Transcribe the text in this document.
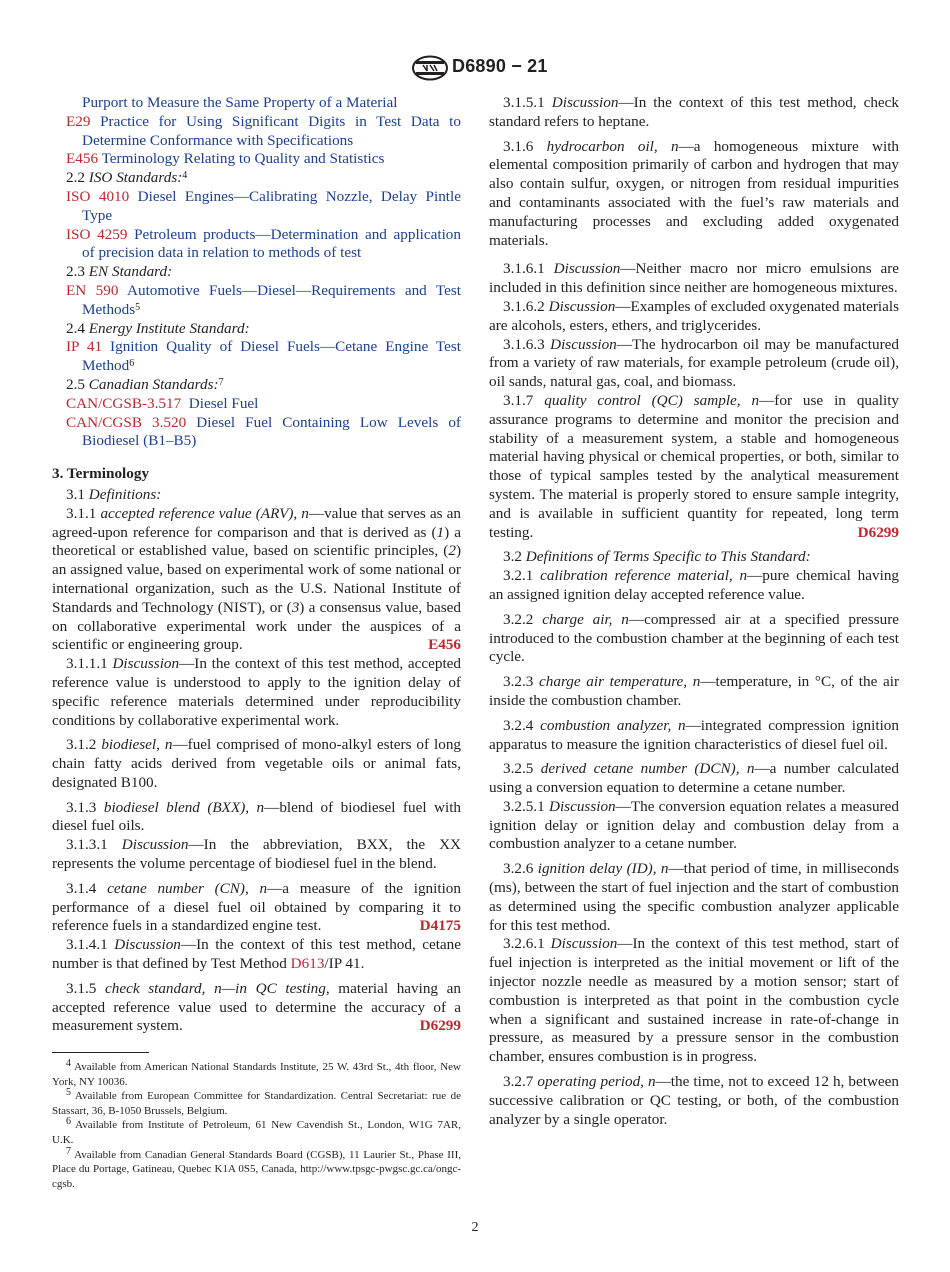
D6890 − 21

Purport to Measure the Same Property of a Material

E29 Practice for Using Significant Digits in Test Data to Determine Conformance with Specifications

E456 Terminology Relating to Quality and Statistics

2.2 ISO Standards:$^4$

ISO 4010 Diesel Engines—Calibrating Nozzle, Delay Pintle Type

ISO 4259 Petroleum products—Determination and application of precision data in relation to methods of test

2.3 EN Standard:

EN 590 Automotive Fuels—Diesel—Requirements and Test Methods$^5$

2.4 Energy Institute Standard:

IP 41 Ignition Quality of Diesel Fuels—Cetane Engine Test Method$^6$

2.5 Canadian Standards:$^7$

CAN/CGSB-3.517  Diesel Fuel

CAN/CGSB 3.520 Diesel Fuel Containing Low Levels of Biodiesel (B1–B5)

3. Terminology

3.1 Definitions:

3.1.1 accepted reference value (ARV), n—value that serves as an agreed-upon reference for comparison and that is derived as (1) a theoretical or established value, based on scientific principles, (2) an assigned value, based on experimental work of some national or international organization, such as the U.S. National Institute of Standards and Technology (NIST), or (3) a consensus value, based on collaborative experimental work under the auspices of a scientific or engineering group.	E456

3.1.1.1 Discussion—In the context of this test method, accepted reference value is understood to apply to the ignition delay of specific reference materials determined under reproducibility conditions by collaborative experimental work.

3.1.2 biodiesel, n—fuel comprised of mono-alkyl esters of long chain fatty acids derived from vegetable oils or animal fats, designated B100.

3.1.3 biodiesel blend (BXX), n—blend of biodiesel fuel with diesel fuel oils.

3.1.3.1 Discussion—In the abbreviation, BXX, the XX represents the volume percentage of biodiesel fuel in the blend.

3.1.4 cetane number (CN), n—a measure of the ignition performance of a diesel fuel oil obtained by comparing it to reference fuels in a standardized engine test.	D4175

3.1.4.1 Discussion—In the context of this test method, cetane number is that defined by Test Method D613/IP 41.

3.1.5 check standard, n—in QC testing, material having an accepted reference value used to determine the accuracy of a measurement system.	D6299

$^4$ Available from American National Standards Institute, 25 W. 43rd St., 4th floor, New York, NY 10036.

$^5$ Available from European Committee for Standardization. Central Secretariat: rue de Stassart, 36, B-1050 Brussels, Belgium.

$^6$ Available from Institute of Petroleum, 61 New Cavendish St., London, W1G 7AR, U.K.

$^7$ Available from Canadian General Standards Board (CGSB), 11 Laurier St., Phase III, Place du Portage, Gatineau, Quebec K1A 0S5, Canada, http://www.tpsgc-pwgsc.gc.ca/ongc-cgsb.

3.1.5.1 Discussion—In the context of this test method, check standard refers to heptane.

3.1.6 hydrocarbon oil, n—a homogeneous mixture with elemental composition primarily of carbon and hydrogen that may also contain sulfur, oxygen, or nitrogen from residual impurities and contaminants associated with the fuel’s raw materials and manufacturing processes and excluding added oxygenated materials.

3.1.6.1 Discussion—Neither macro nor micro emulsions are included in this definition since neither are homogeneous mixtures.

3.1.6.2 Discussion—Examples of excluded oxygenated materials are alcohols, esters, ethers, and triglycerides.

3.1.6.3 Discussion—The hydrocarbon oil may be manufactured from a variety of raw materials, for example petroleum (crude oil), oil sands, natural gas, coal, and biomass.

3.1.7 quality control (QC) sample, n—for use in quality assurance programs to determine and monitor the precision and stability of a measurement system, a stable and homogeneous material having physical or chemical properties, or both, similar to those of typical samples tested by the analytical measurement system. The material is properly stored to ensure sample integrity, and is available in sufficient quantity for repeated, long term testing.	D6299

3.2 Definitions of Terms Specific to This Standard:

3.2.1 calibration reference material, n—pure chemical having an assigned ignition delay accepted reference value.

3.2.2 charge air, n—compressed air at a specified pressure introduced to the combustion chamber at the beginning of each test cycle.

3.2.3 charge air temperature, n—temperature, in °C, of the air inside the combustion chamber.

3.2.4 combustion analyzer, n—integrated compression ignition apparatus to measure the ignition characteristics of diesel fuel oil.

3.2.5 derived cetane number (DCN), n—a number calculated using a conversion equation to determine a cetane number.

3.2.5.1 Discussion—The conversion equation relates a measured ignition delay or ignition delay and combustion delay from a combustion analyzer to a cetane number.

3.2.6 ignition delay (ID), n—that period of time, in milliseconds (ms), between the start of fuel injection and the start of combustion as determined using the specific combustion analyzer applicable for this test method.

3.2.6.1 Discussion—In the context of this test method, start of fuel injection is interpreted as the initial movement or lift of the injector nozzle needle as measured by a motion sensor; start of combustion is interpreted as that point in the combustion cycle when a significant and sustained increase in rate-of-change in pressure, as measured by a pressure sensor in the combustion chamber, ensures combustion is in progress.

3.2.7 operating period, n—the time, not to exceed 12 h, between successive calibration or QC testing, or both, of the combustion analyzer by a single operator.

2
